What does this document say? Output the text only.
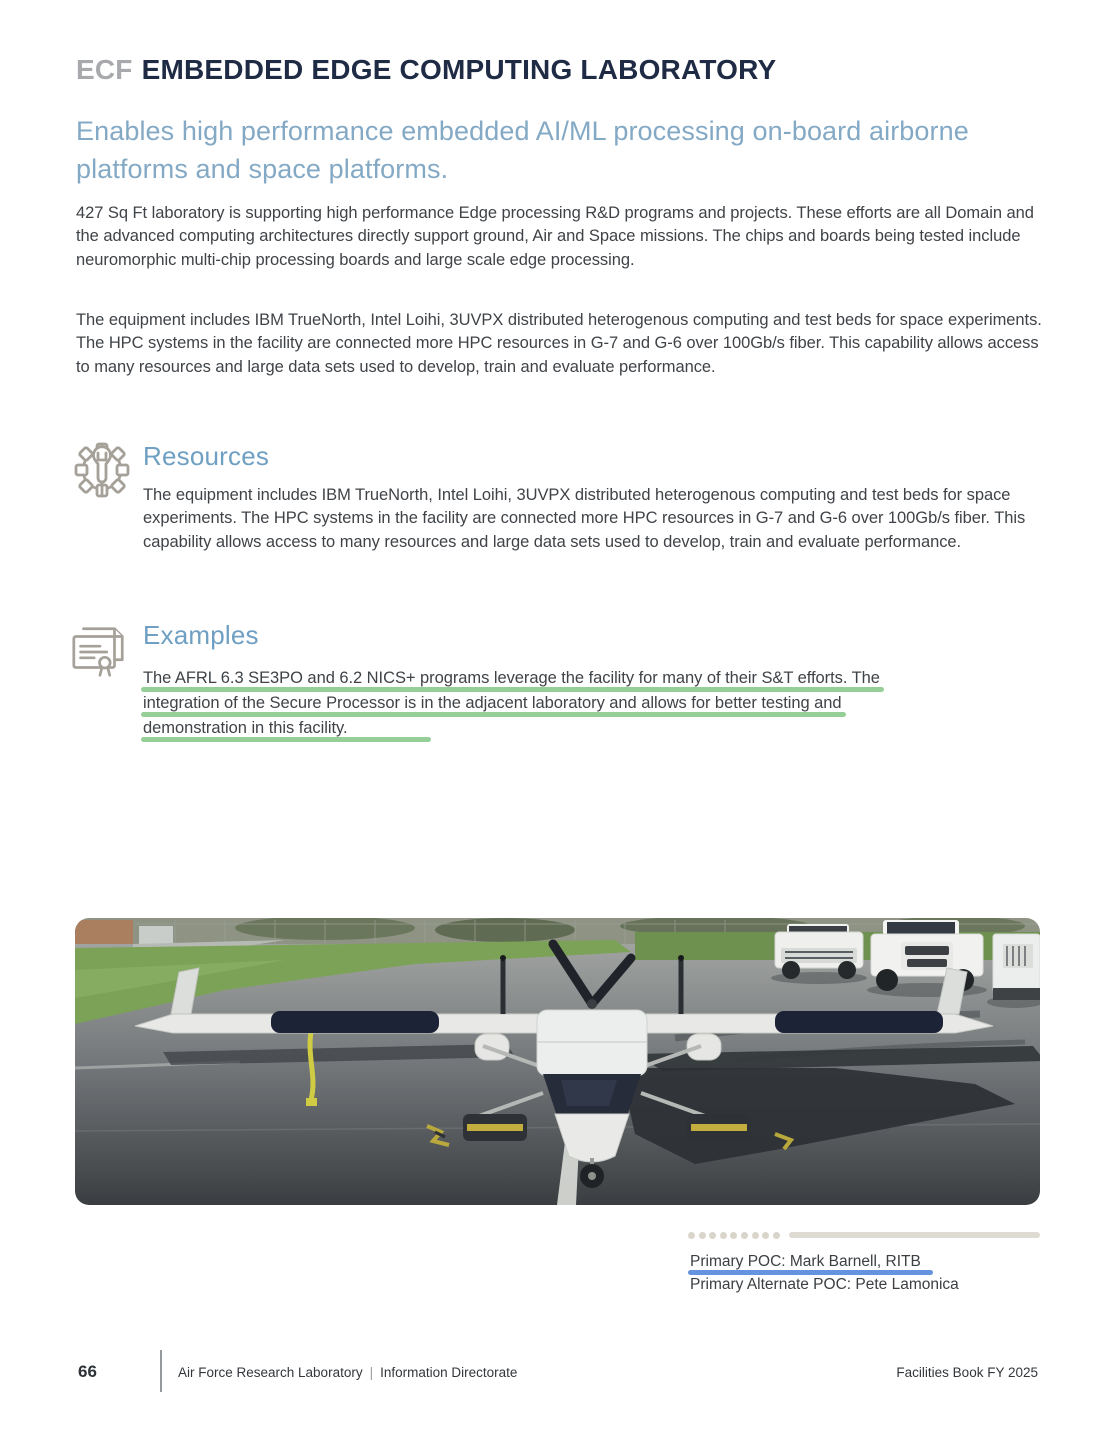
ECF EMBEDDED EDGE COMPUTING LABORATORY
Enables high performance embedded AI/ML processing on-board airborne platforms and space platforms.

427 Sq Ft laboratory is supporting high performance Edge processing R&D programs and projects. These efforts are all Domain and the advanced computing architectures directly support ground, Air and Space missions. The chips and boards being tested include neuromorphic multi-chip processing boards and large scale edge processing.

The equipment includes IBM TrueNorth, Intel Loihi, 3UVPX distributed heterogenous computing and test beds for space experiments. The HPC systems in the facility are connected more HPC resources in G-7 and G-6 over 100Gb/s fiber. This capability allows access to many resources and large data sets used to develop, train and evaluate performance.

Resources

The equipment includes IBM TrueNorth, Intel Loihi, 3UVPX distributed heterogenous computing and test beds for space experiments. The HPC systems in the facility are connected more HPC resources in G-7 and G-6 over 100Gb/s fiber. This capability allows access to many resources and large data sets used to develop, train and evaluate performance.

Examples
The AFRL 6.3 SE3PO and 6.2 NICS+ programs leverage the facility for many of their S&T efforts. The
integration of the Secure Processor is in the adjacent laboratory and allows for better testing and
demonstration in this facility.
Primary POC: Mark Barnell, RITB
Primary Alternate POC: Pete Lamonica
66	Air Force Research Laboratory | Information Directorate	Facilities Book FY 2025
